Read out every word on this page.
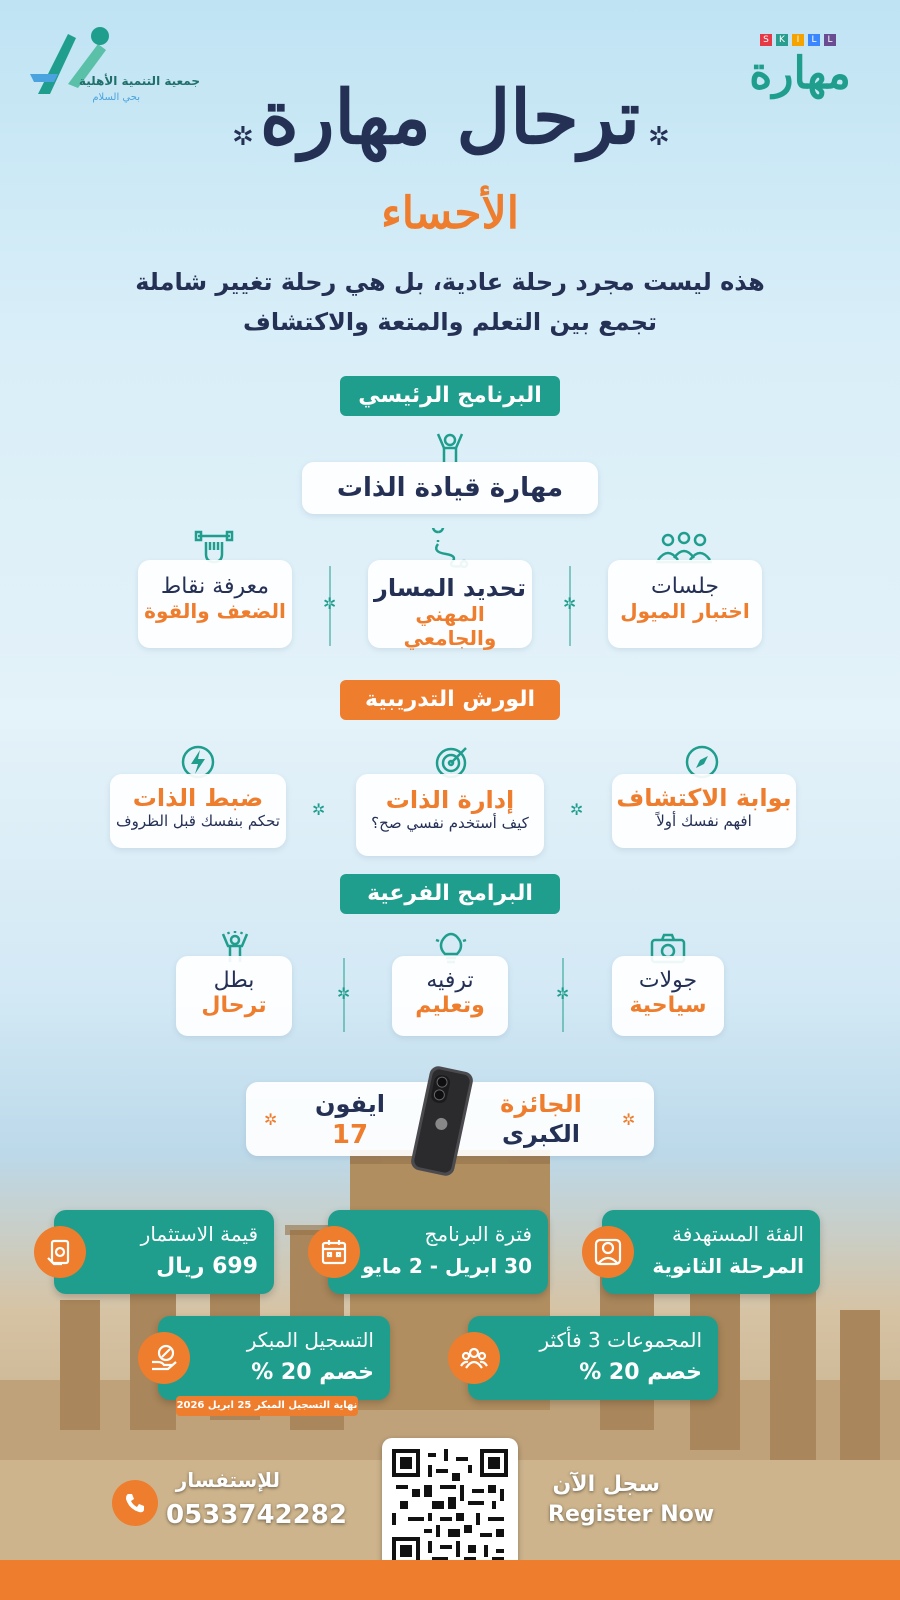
جمعية التنمية الأهلية
بحي السلام
S	K	I	L	L
مهارة
✲	✲
ترحال مهارة
الأحساء
هذه ليست مجرد رحلة عادية، بل هي رحلة تغيير شاملة
تجمع بين التعلم والمتعة والاكتشاف
البرنامج الرئيسي
مهارة قيادة الذات
جلسات
اختبار الميول
تحديد المسار
المهني والجامعي
معرفة نقاط
الضعف والقوة	✲
✲
الورش التدريبية
بوابة الاكتشاف
افهم نفسك أولاً
إدارة الذات
كيف أستخدم نفسي صح؟
ضبط الذات
تحكم بنفسك قبل الظروف
✲
✲
البرامج الفرعية
جولات
سياحية
ترفيه
وتعليم
بطل
ترحال	✲
✲
الجائزة
الكبرى
ايفون
17
✲
✲
الفئة المستهدفة
المرحلة الثانوية
فترة البرنامج
30 ابريل - 2 مايو
قيمة الاستثمار
699 ريال
المجموعات 3 فأكثر
خصم 20 %
التسجيل المبكر
خصم 20 %
نهاية التسجيل المبكر 25 ابريل 2026
للإستفسار
0533742282
سجل الآن
Register Now
